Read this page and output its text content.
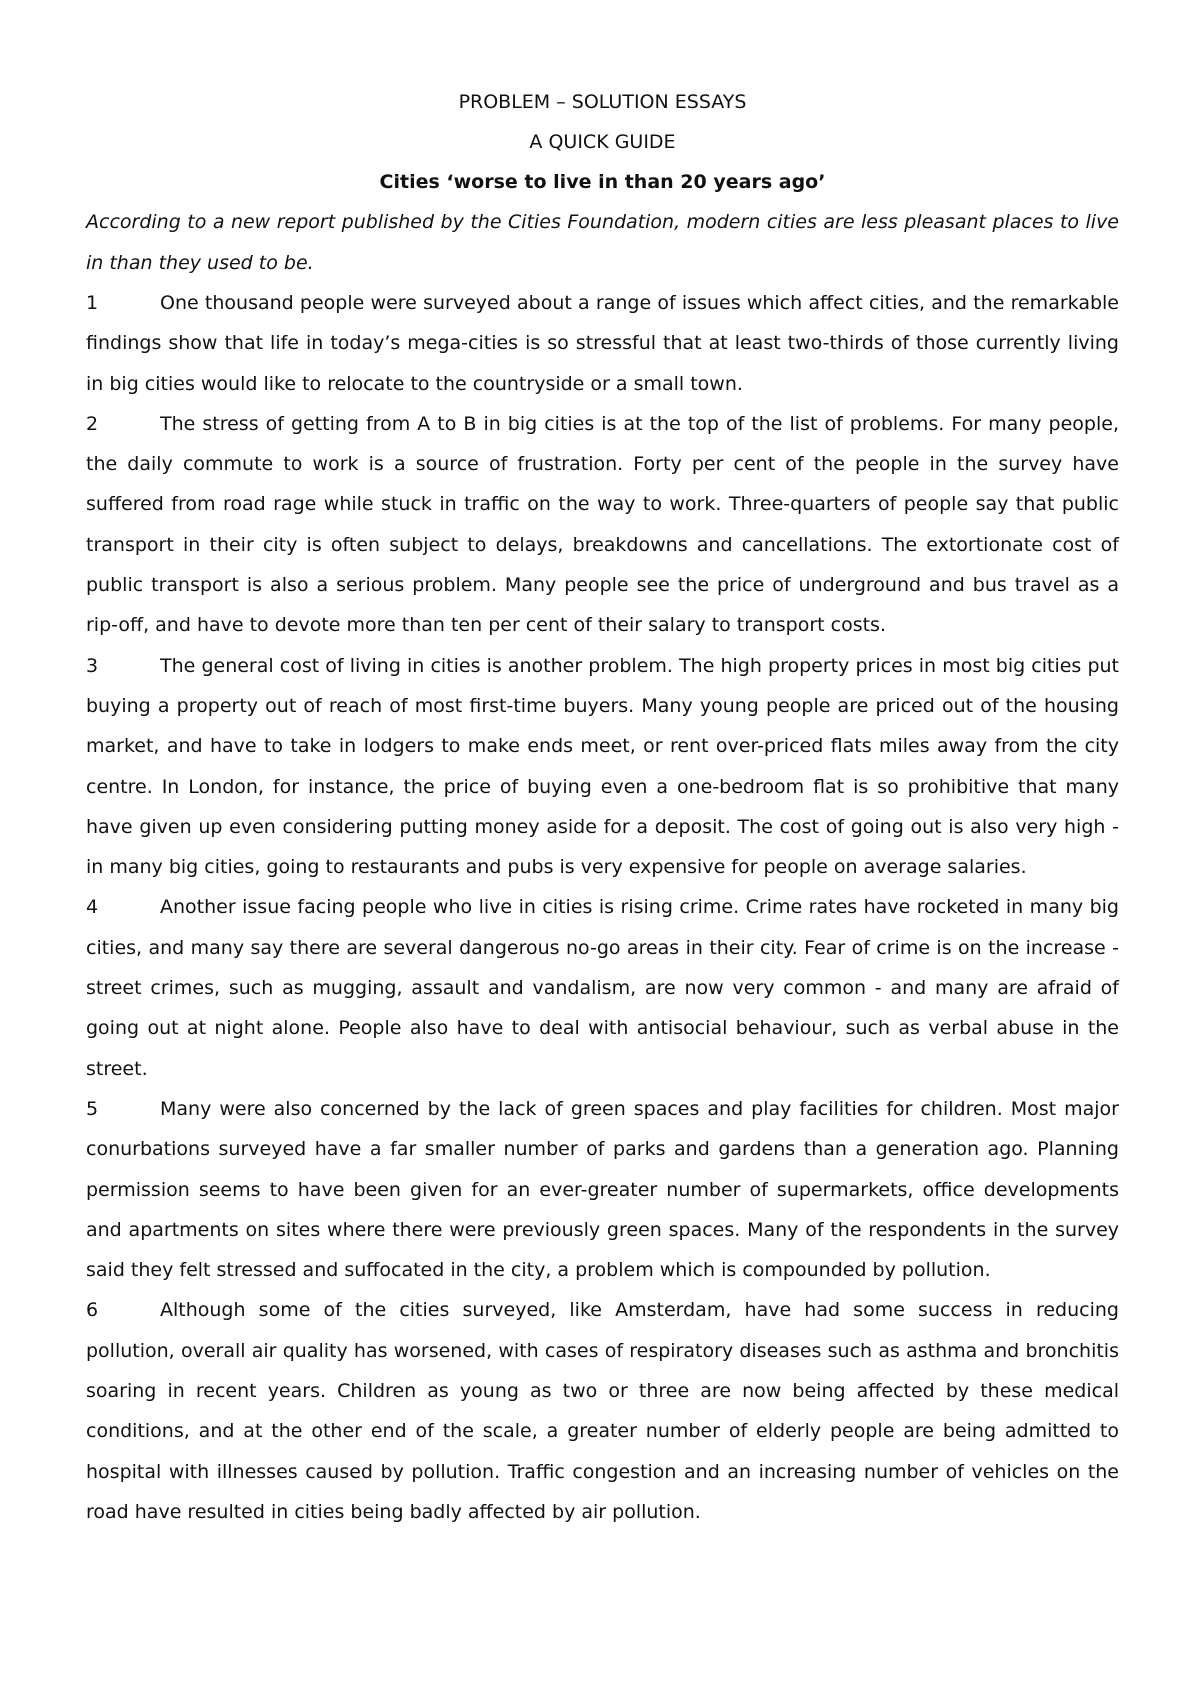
PROBLEM – SOLUTION ESSAYS
A QUICK GUIDE
Cities ‘worse to live in than 20 years ago’

According to a new report published by the Cities Foundation, modern cities are less pleasant places to live in than they used to be.

1	One thousand people were surveyed about a range of issues which affect cities, and the remarkable findings show that life in today’s mega-cities is so stressful that at least two-thirds of those currently living in big cities would like to relocate to the countryside or a small town.

2	The stress of getting from A to B in big cities is at the top of the list of problems. For many people, the daily commute to work is a source of frustration. Forty per cent of the people in the survey have suffered from road rage while stuck in traffic on the way to work. Three-quarters of people say that public transport in their city is often subject to delays, breakdowns and cancellations. The extortionate cost of public transport is also a serious problem. Many people see the price of underground and bus travel as a rip-off, and have to devote more than ten per cent of their salary to transport costs.

3	The general cost of living in cities is another problem. The high property prices in most big cities put buying a property out of reach of most first-time buyers. Many young people are priced out of the housing market, and have to take in lodgers to make ends meet, or rent over-priced flats miles away from the city centre. In London, for instance, the price of buying even a one-bedroom flat is so prohibitive that many have given up even considering putting money aside for a deposit. The cost of going out is also very high - in many big cities, going to restaurants and pubs is very expensive for people on average salaries.

4	Another issue facing people who live in cities is rising crime. Crime rates have rocketed in many big cities, and many say there are several dangerous no-go areas in their city. Fear of crime is on the increase - street crimes, such as mugging, assault and vandalism, are now very common - and many are afraid of going out at night alone. People also have to deal with antisocial behaviour, such as verbal abuse in the street.

5	Many were also concerned by the lack of green spaces and play facilities for children. Most major conurbations surveyed have a far smaller number of parks and gardens than a generation ago. Planning permission seems to have been given for an ever-greater number of supermarkets, office developments and apartments on sites where there were previously green spaces. Many of the respondents in the survey said they felt stressed and suffocated in the city, a problem which is compounded by pollution.

6	Although some of the cities surveyed, like Amsterdam, have had some success in reducing pollution, overall air quality has worsened, with cases of respiratory diseases such as asthma and bronchitis soaring in recent years. Children as young as two or three are now being affected by these medical conditions, and at the other end of the scale, a greater number of elderly people are being admitted to hospital with illnesses caused by pollution. Traffic congestion and an increasing number of vehicles on the road have resulted in cities being badly affected by air pollution.
